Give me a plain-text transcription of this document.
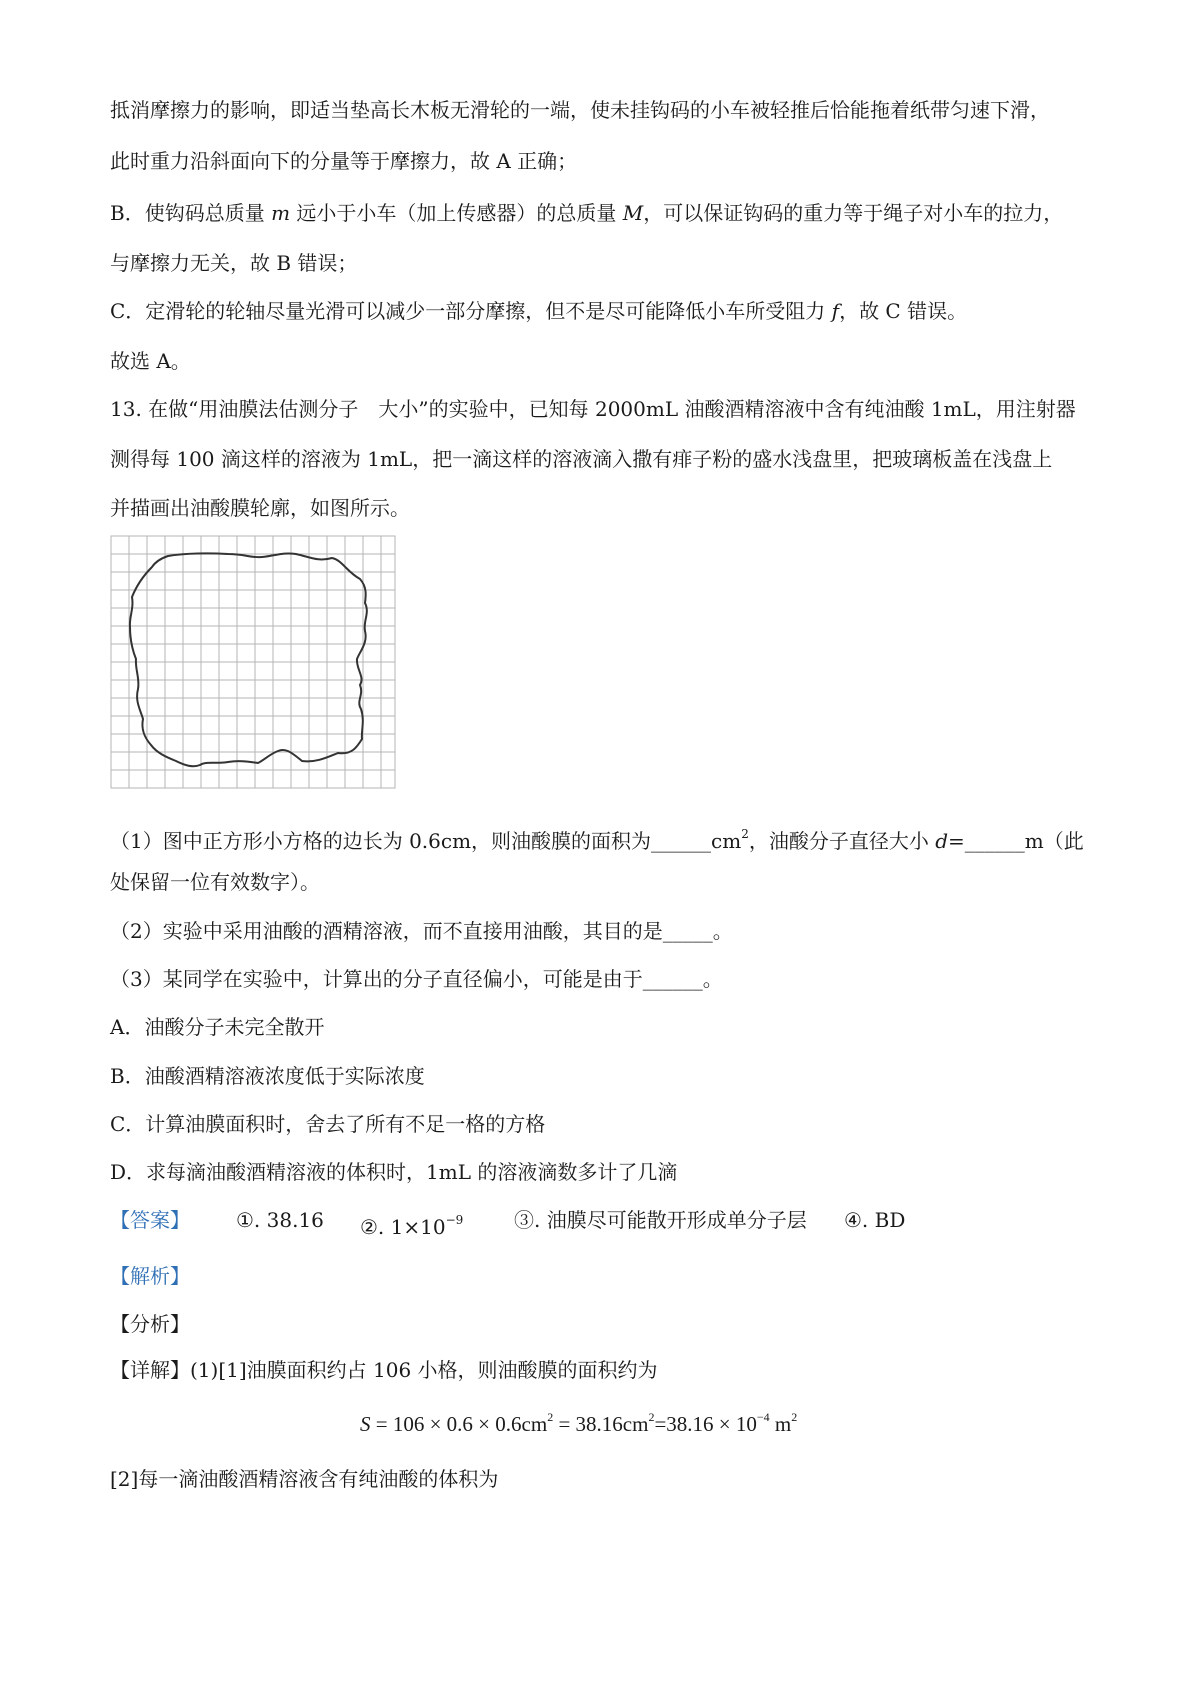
抵消摩擦力的影响，即适当垫高长木板无滑轮的一端，使未挂钩码的小车被轻推后恰能拖着纸带匀速下滑，
此时重力沿斜面向下的分量等于摩擦力，故 A 正确；
B．使钩码总质量 m 远小于小车（加上传感器）的总质量 M，可以保证钩码的重力等于绳子对小车的拉力，
与摩擦力无关，故 B 错误；
C．定滑轮的轮轴尽量光滑可以减少一部分摩擦，但不是尽可能降低小车所受阻力 f，故 C 错误。
故选 A。
13. 在做“用油膜法估测分子　大小”的实验中，已知每 2000mL 油酸酒精溶液中含有纯油酸 1mL，用注射器
测得每 100 滴这样的溶液为 1mL，把一滴这样的溶液滴入撒有痱子粉的盛水浅盘里，把玻璃板盖在浅盘上
并描画出油酸膜轮廓，如图所示。
（1）图中正方形小方格的边长为 0.6cm，则油酸膜的面积为$\_\_\_\_\_\_cm^2$，油酸分子直径大小 d=______m（此
处保留一位有效数字）。
（2）实验中采用油酸的酒精溶液，而不直接用油酸，其目的是_____。
（3）某同学在实验中，计算出的分子直径偏小，可能是由于______。
A．油酸分子未完全散开
B．油酸酒精溶液浓度低于实际浓度
C．计算油膜面积时，舍去了所有不足一格的方格
D．求每滴油酸酒精溶液的体积时，1mL 的溶液滴数多计了几滴
【答案】 ①. 38.16 ②. $1\times 10^{-9}$	③. 油膜尽可能散开形成单分子层 ④. BD
【解析】
【分析】
【详解】(1)[1]油膜面积约占 106 小格，则油酸膜的面积约为
$S = 106 \times 0.6 \times 0.6cm^2 = 38.16cm^2=38.16 \times 10^{-4}$ $m^2$
[2]每一滴油酸酒精溶液含有纯油酸的体积为
